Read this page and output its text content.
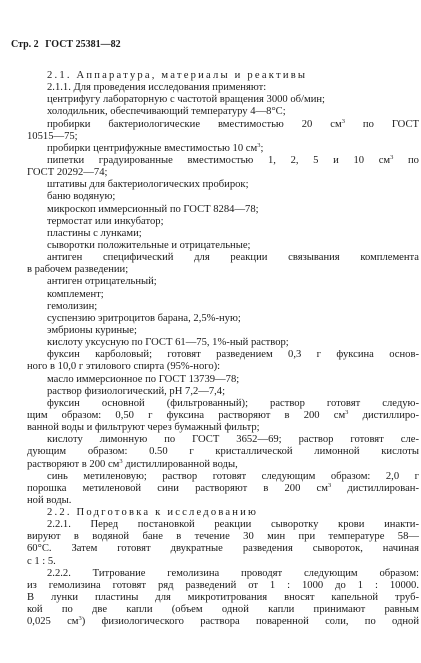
Стр. 2 ГОСТ 25381—82
2.1. Аппаратура, материалы и реактивы
2.1.1. Для проведения исследования применяют:
центрифугу лабораторную с частотой вращения 3000 об/мин;
холодильник, обеспечивающий температуру 4—8°С;
пробирки бактериологические вместимостью 20 $см^3$ по ГОСТ
10515—75;
пробирки центрифужные вместимостью 10 $см^3$;
пипетки градуированные вместимостью 1, 2, 5 и 10 $см^3$ по
ГОСТ 20292—74;
штативы для бактериологических пробирок;
баню водяную;
микроскоп иммерсионный по ГОСТ 8284—78;
термостат или инкубатор;
пластины с лунками;
сыворотки положительные и отрицательные;
антиген специфический для реакции связывания комплемента
в рабочем разведении;
антиген отрицательный;
комплемент;
гемолизин;
суспензию эритроцитов барана, 2,5%-ную;
эмбрионы куриные;
кислоту уксусную по ГОСТ 61—75, 1%-ный раствор;
фуксин карболовый; готовят разведением 0,3 г фуксина основ-
ного в 10,0 г этилового спирта (95%-ного):
масло иммерсионное по ГОСТ 13739—78;
раствор физиологический, pH 7,2—7,4;
фуксин основной (фильтрованный); раствор готовят следую-
щим образом: 0,50 г фуксина растворяют в 200 $см^3$ дистиллиро-
ванной воды и фильтруют через бумажный фильтр;
кислоту лимонную по ГОСТ 3652—69; раствор готовят сле-
дующим образом: 0.50 г кристаллической лимонной кислоты
растворяют в 200 $см^3$ дистиллированной воды,
синь метиленовую; раствор готовят следующим образом: 2,0 г
порошка метиленовой сини растворяют в 200 $см^3$ дистиллирован-
ной воды.
2.2. Подготовка к исследованию
2.2.1. Перед постановкой реакции сыворотку крови инакти-
вируют в водяной бане в течение 30 мин при температуре 58—
60°С. Затем готовят двукратные разведения сывороток, начиная
с 1 : 5.
2.2.2. Титрование гемолизина проводят следующим образом:
из гемолизина готовят ряд разведений от 1 : 1000 до 1 : 10000.
В лунки пластины для микротитрования вносят капельной труб-
кой по две капли (объем одной капли принимают равным
0,025 $см^3$) физиологического раствора поваренной соли, по одной
